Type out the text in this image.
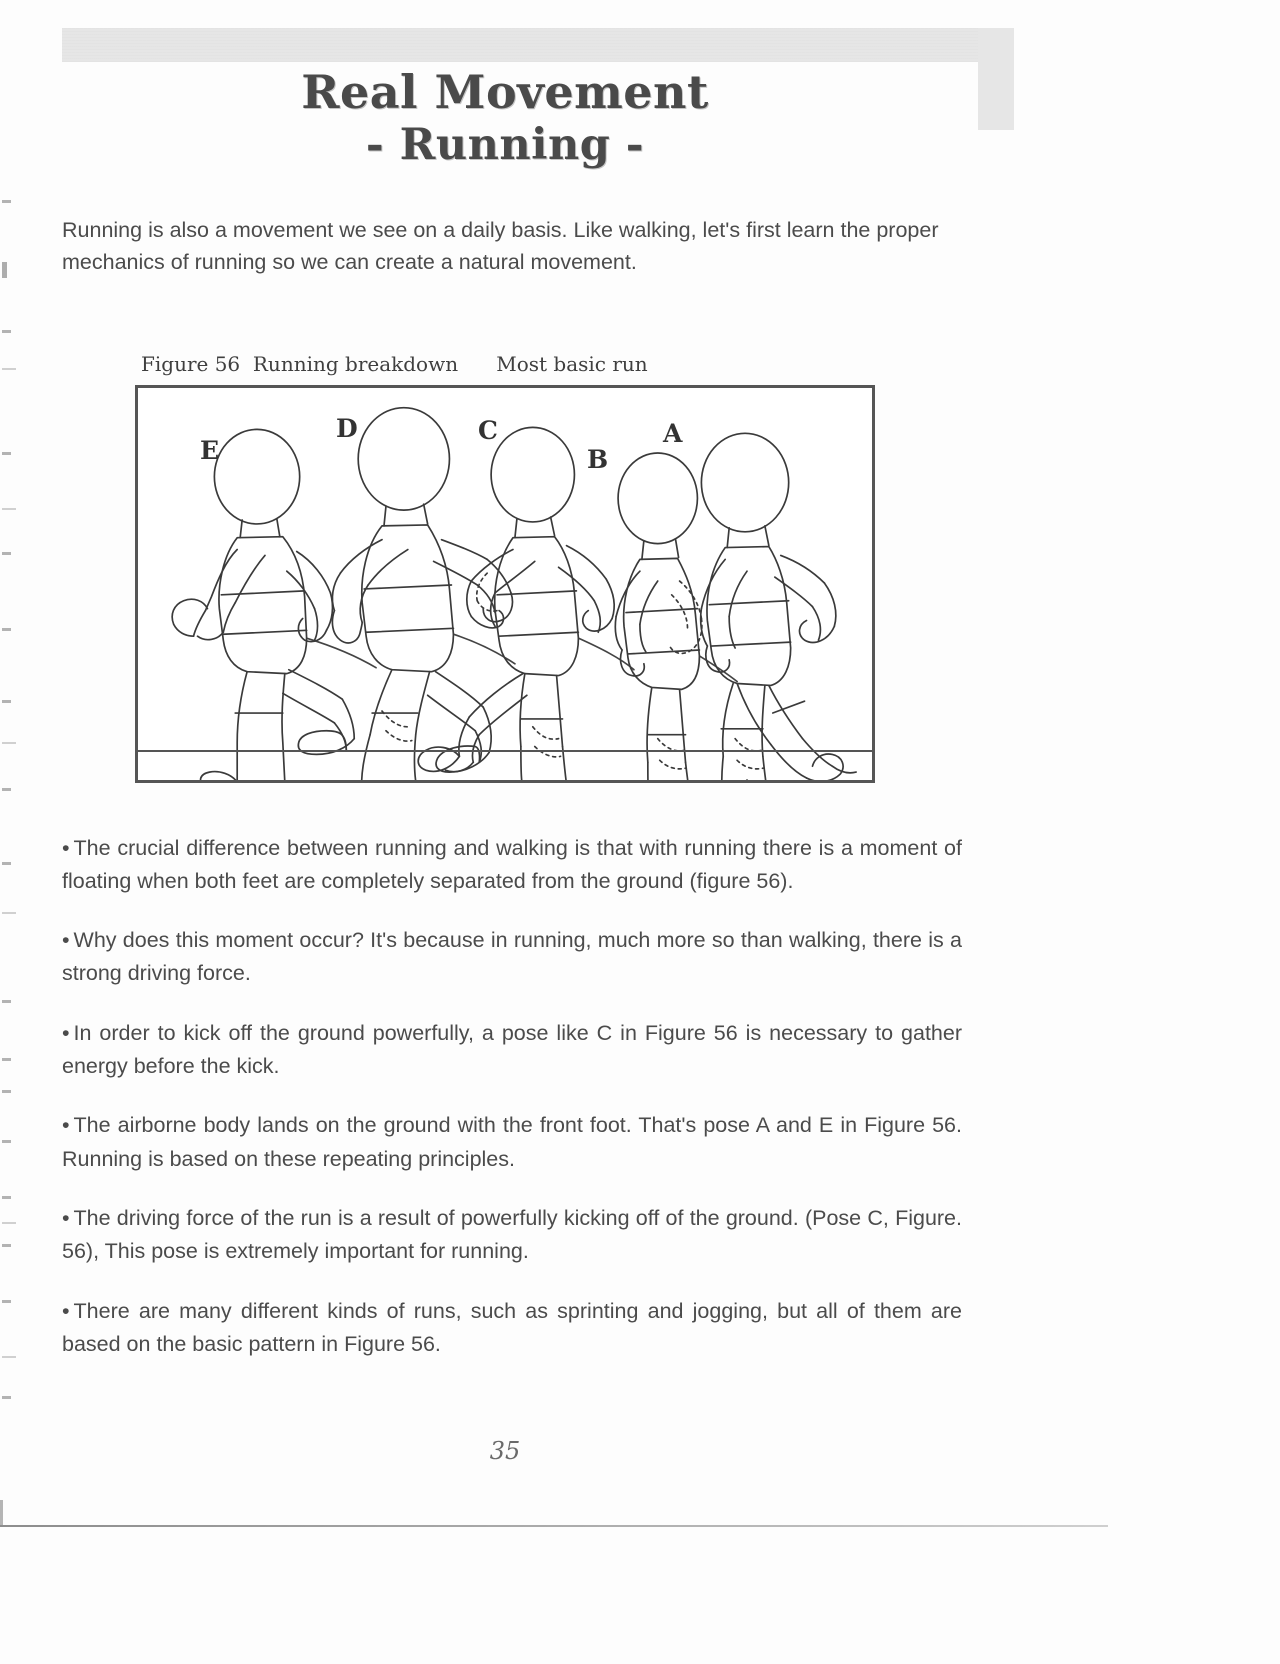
Real Movement
- Running -

Running is also a movement we see on a daily basis. Like walking, let's first learn the proper mechanics of running so we can create a natural movement.

Figure 56  Running breakdown      Most basic run
E
D	C
B
A

• The crucial difference between running and walking is that with running there is a moment of floating when both feet are completely separated from the ground (figure 56).

• Why does this moment occur? It's because in running, much more so than walking, there is a strong driving force.

• In order to kick off the ground powerfully, a pose like C in Figure 56 is necessary to gather energy before the kick.

• The airborne body lands on the ground with the front foot. That's pose A and E in Figure 56. Running is based on these repeating principles.

• The driving force of the run is a result of powerfully kicking off of the ground. (Pose C, Figure. 56), This pose is extremely important for running.

• There are many different kinds of runs, such as sprinting and jogging, but all of them are based on the basic pattern in Figure 56.

35
